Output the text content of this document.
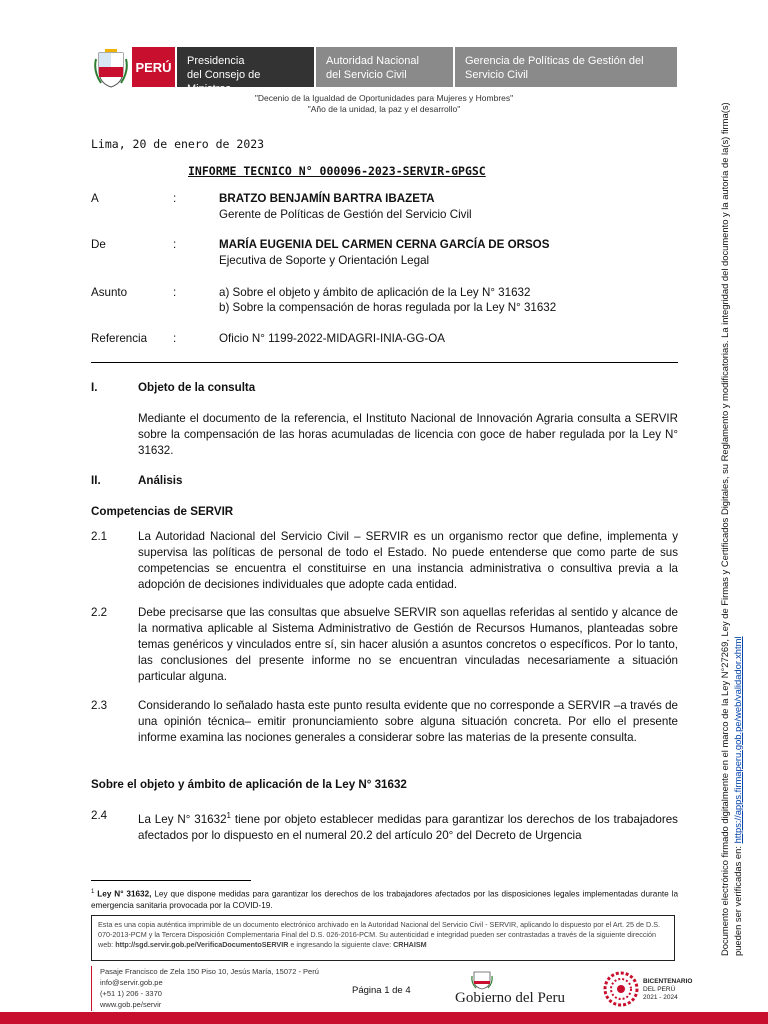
PERÚ	Presidencia
del Consejo de Ministros
Autoridad Nacional
del Servicio Civil
Gerencia de Políticas de Gestión del
Servicio Civil
"Decenio de la Igualdad de Oportunidades para Mujeres y Hombres"
"Año de la unidad, la paz y el desarrollo"
Lima, 20 de enero de 2023
INFORME TECNICO N° 000096-2023-SERVIR-GPGSC
A	:	BRATZO BENJAMÍN BARTRA IBAZETA
Gerente de Políticas de Gestión del Servicio Civil
De	:	MARÍA EUGENIA DEL CARMEN CERNA GARCÍA DE ORSOS
Ejecutiva de Soporte y Orientación Legal
Asunto	:	a) Sobre el objeto y ámbito de aplicación de la Ley N° 31632
b) Sobre la compensación de horas regulada por la Ley N° 31632
Referencia :	Oficio N° 1199-2022-MIDAGRI-INIA-GG-OA
I.	Objeto de la consulta
Mediante el documento de la referencia, el Instituto Nacional de Innovación Agraria consulta a SERVIR sobre la compensación de las horas acumuladas de licencia con goce de haber regulada por la Ley N° 31632.
II.	Análisis
Competencias de SERVIR
2.1	La Autoridad Nacional del Servicio Civil – SERVIR es un organismo rector que define, implementa y supervisa las políticas de personal de todo el Estado. No puede entenderse que como parte de sus competencias se encuentra el constituirse en una instancia administrativa o consultiva previa a la adopción de decisiones individuales que adopte cada entidad.
2.2	Debe precisarse que las consultas que absuelve SERVIR son aquellas referidas al sentido y alcance de la normativa aplicable al Sistema Administrativo de Gestión de Recursos Humanos, planteadas sobre temas genéricos y vinculados entre sí, sin hacer alusión a asuntos concretos o específicos. Por lo tanto, las conclusiones del presente informe no se encuentran vinculadas necesariamente a situación particular alguna.
2.3	Considerando lo señalado hasta este punto resulta evidente que no corresponde a SERVIR –a través de una opinión técnica– emitir pronunciamiento sobre alguna situación concreta. Por ello el presente informe examina las nociones generales a considerar sobre las materias de la presente consulta.
Sobre el objeto y ámbito de aplicación de la Ley N° 31632
2.4	La Ley N° 31632$^1$ tiene por objeto establecer medidas para garantizar los derechos de los trabajadores afectados por lo dispuesto en el numeral 20.2 del artículo 20° del Decreto de Urgencia
$^1$ Ley N° 31632, Ley que dispone medidas para garantizar los derechos de los trabajadores afectados por las disposiciones legales implementadas durante la emergencia sanitaria provocada por la COVID-19.
Esta es una copia auténtica imprimible de un documento electrónico archivado en la Autoridad Nacional del Servicio Civil - SERVIR, aplicando lo dispuesto por el Art. 25 de D.S. 070-2013-PCM y la Tercera Disposición Complementaria Final del D.S. 026-2016-PCM. Su autenticidad e integridad pueden ser contrastadas a través de la siguiente dirección web: http://sgd.servir.gob.pe/VerificaDocumentoSERVIR e ingresando la siguiente clave: CRHAISM
Pasaje Francisco de Zela 150 Piso 10, Jesús María, 15072 - Perú
info@servir.gob.pe
(+51 1) 206 - 3370
www.gob.pe/servir
Página 1 de 4	Gobierno del Peru
BICENTENARIO
DEL PERÚ
2021 - 2024
Documento electrónico firmado digitalmente en el marco de la Ley N°27269, Ley de Firmas y Certificados Digitales, su Reglamento y modificatorias. La integridad del documento y la autoría de la(s) firma(s) pueden ser verificadas en: https://apps.firmaperu.gob.pe/web/validador.xhtml
